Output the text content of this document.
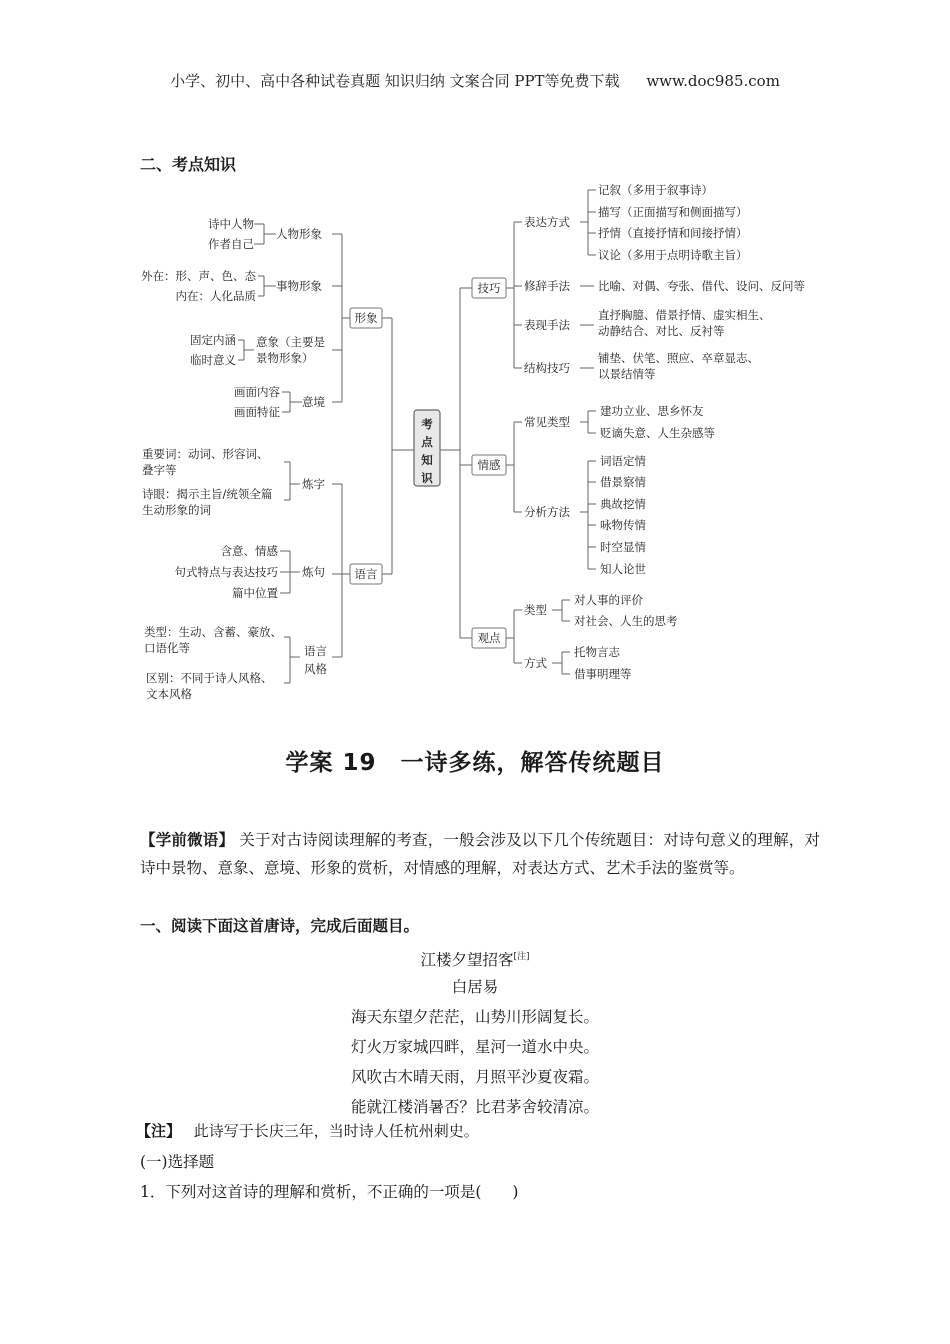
小学、初中、高中各种试卷真题 知识归纳 文案合同 PPT等免费下载 www.doc985.com
二、考点知识
考
点
知
识
形象
语言
技巧
情感
观点
人物形象
诗中人物
作者自己
事物形象
外在：形、声、色、态
内在：人化品质
意象（主要是
景物形象）
固定内涵
临时意义
意境
画面内容
画面特征
炼字
重要词：动词、形容词、
叠字等
诗眼：揭示主旨/统领全篇
生动形象的词
炼句
含意、情感
句式特点与表达技巧
篇中位置
语言
风格
类型：生动、含蓄、豪放、
口语化等
区别：不同于诗人风格、
文本风格
表达方式
记叙（多用于叙事诗）
描写（正面描写和侧面描写）
抒情（直接抒情和间接抒情）
议论（多用于点明诗歌主旨）
修辞手法 比喻、对偶、夸张、借代、设问、反问等
表现手法
直抒胸臆、借景抒情、虚实相生、
动静结合、对比、反衬等
结构技巧
铺垫、伏笔、照应、卒章显志、
以景结情等
常见类型
建功立业、思乡怀友
贬谪失意、人生杂感等
分析方法
词语定情
借景察情
典故挖情
咏物传情
时空显情
知人论世
类型
对人事的评价
对社会、人生的思考
方式
托物言志
借事明理等
学案 19　一诗多练，解答传统题目
【学前微语】 关于对古诗阅读理解的考查，一般会涉及以下几个传统题目：对诗句意义的理解，对诗中景物、意象、意境、形象的赏析，对情感的理解，对表达方式、艺术手法的鉴赏等。
一、阅读下面这首唐诗，完成后面题目。
江楼夕望招客[注]
白居易
海天东望夕茫茫，山势川形阔复长。
灯火万家城四畔，星河一道水中央。
风吹古木晴天雨，月照平沙夏夜霜。
能就江楼消暑否？比君茅舍较清凉。
【注】 此诗写于长庆三年，当时诗人任杭州刺史。
(一)选择题
1．下列对这首诗的理解和赏析，不正确的一项是(　　)
